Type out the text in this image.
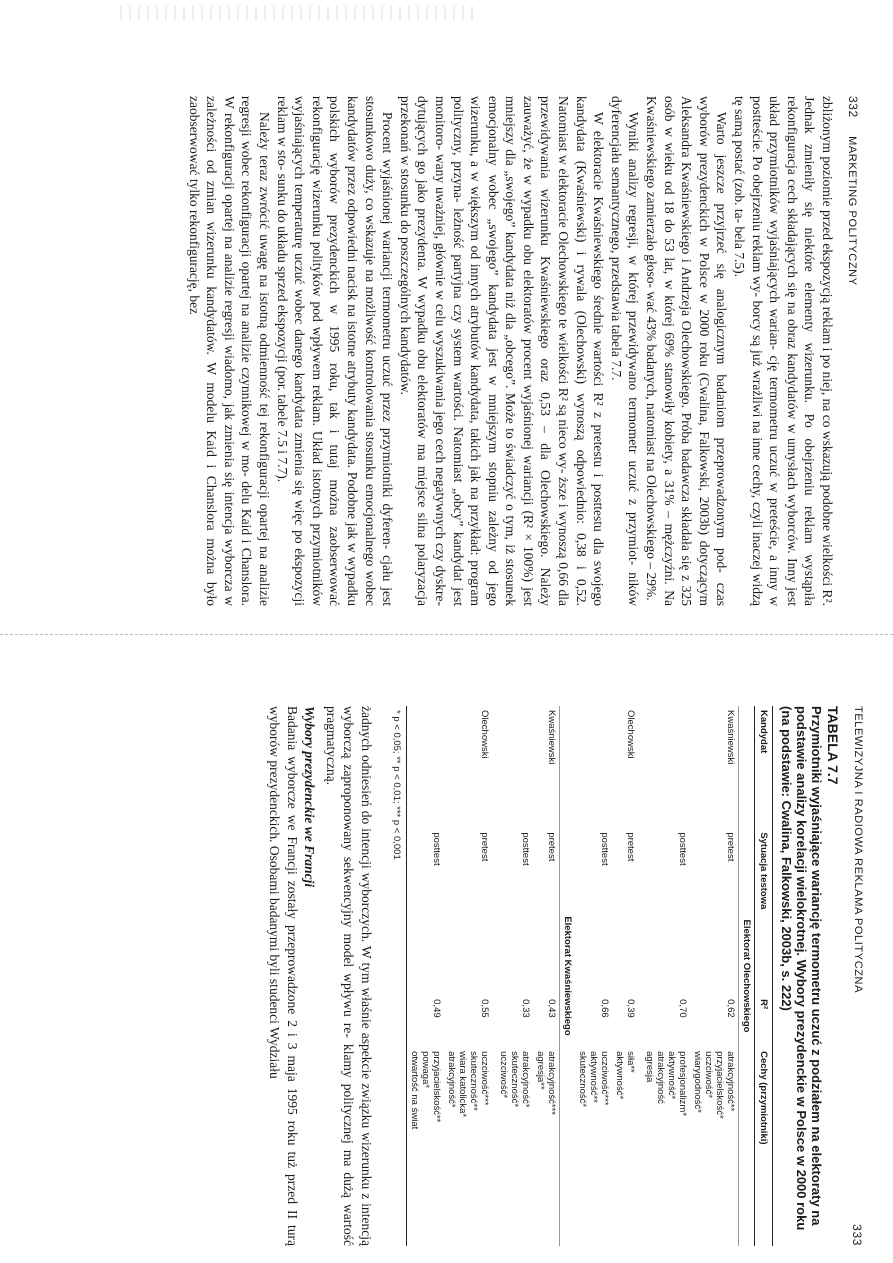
332     MARKETING POLITYCZNY

zbliżonym poziomie przed ekspozycją reklam i po niej, na co wskazują podobne wielkości R². Jednak zmieniły się niektóre elementy wizerunku. Po obejrzeniu reklam wystąpiła rekonfiguracja cech składających się na obraz kandydatów w umysłach wyborców. Inny jest układ przymiotników wyjaśniających warian- cję termometru uczuć w preteście, a inny w postteście. Po obejrzeniu reklam wy- borcy są już wrażliwi na inne cechy, czyli inaczej widzą tę samą postać (zob. ta- bela 7.5).

Warto jeszcze przyjrzeć się analogicznym badaniom przeprowadzonym pod- czas wyborów prezydenckich w Polsce w 2000 roku (Cwalina, Falkowski, 2003b) dotyczącym Aleksandra Kwaśniewskiego i Andrzeja Olechowskiego. Próba badawcza składała się z 325 osób w wieku od 18 do 53 lat, w której 69% stanowiły kobiety, a 31% – mężczyźni. Na Kwaśniewskiego zamierzało głoso- wać 43% badanych, natomiast na Olechowskiego – 29%.

Wyniki analizy regresji, w której przewidywano termometr uczuć z przymiot- ników dyferencjału semantycznego, przedstawia tabela 7.7.

W elektoracie Kwaśniewskiego średnie wartości R² z pretestu i posttestu dla swojego kandydata (Kwaśniewski) i rywala (Olechowski) wynoszą odpowiednio: 0,38 i 0,52. Natomiast w elektoracie Olechowskiego te wielkości R² są nieco wy- ższe i wynoszą 0,66 dla przewidywania wizerunku Kwaśniewskiego oraz 0,53 – dla Olechowskiego. Należy zauważyć, że w wypadku obu elektoratów procent wyjaśnionej wariancji (R² × 100%) jest mniejszy dla „swojego” kandydata niż dla „obcego”. Może to świadczyć o tym, iż stosunek emocjonalny wobec „swojego” kandydata jest w mniejszym stopniu zależny od jego wizerunku, a w większym od innych atrybutów kandydata, takich jak na przykład: program polityczny, przyna- leżność partyjna czy system wartości. Natomiast „obcy” kandydat jest monitoro- wany uważniej, głównie w celu wyszukiwania jego cech negatywnych czy dyskre- dytujących go jako prezydenta. W wypadku obu elektoratów ma miejsce silna polaryzacja przekonań w stosunku do poszczególnych kandydatów.

Procent wyjaśnionej wariancji termometru uczuć przez przymiotniki dyferen- cjału jest stosunkowo duży, co wskazuje na możliwość kontrolowania stosunku emocjonalnego wobec kandydatów przez odpowiedni nacisk na istotne atrybuty kandydata. Podobne jak w wypadku polskich wyborów prezydenckich w 1995 roku, tak i tutaj można zaobserwować rekonfigurację wizerunku polityków pod wpływem reklam. Układ istotnych przymiotników wyjaśniających temperaturę uczuć wobec danego kandydata zmienia się więc po ekspozycji reklam w sto- sunku do układu sprzed ekspozycji (por. tabele 7.5 i 7.7).

Należy teraz zwrócić uwagę na istotną odmienność tej rekonfiguracji opartej na analizie regresji wobec rekonfiguracji opartej na analizie czynnikowej w mo- delu Kaid i Chanslora. W rekonfiguracji opartej na analizie regresji wiadomo, jak zmienia się intencja wyborcza w zależności od zmian wizerunku kandydatów. W modelu Kaid i Chanslora można było zaobserwować tylko rekonfigurację, bez

TELEWIZYJNA I RADIOWA REKLAMA POLITYCZNA
333
TABELA 7.7
Przymiotniki wyjaśniające wariancję termometru uczuć z podziałem na elektoraty na podstawie analizy korelacji wielokrotnej. Wybory prezydenckie w Polsce w 2000 roku (na podstawie: Cwalina, Falkowski, 2003b, s. 222)
Kandydat	Sytuacja testowa	R²	Cechy (przymiotniki)
Elektorat Olechowskiego			
Kwaśniewski	pretest	0,62	atrakcyjność**
przyjacielskość*
uczciwość*
wiarygodność*

	posttest	0,70	profesjonalizm*
aktywność*
atrakcyjność
agresja

Olechowski	pretest	0,39	siła**
aktywność*

	posttest	0,66	uczciwość***
aktywność**
skuteczność*

Elektorat Kwaśniewskiego			
Kwaśniewski	pretest	0,43	atrakcyjność***
agresja**

	posttest	0,33	atrakcyjność*
skuteczność*
uczciwość*

Olechowski	pretest	0,55	uczciwość***
skuteczność**
wiara katolicka*
atrakcyjność*

	posttest	0,49	przyjacielskość**
powaga*
otwartość na świat
* p < 0,05; ** p < 0,01; *** p < 0,001

żadnych odniesień do intencji wyborczych. W tym właśnie aspekcie związku wizerunku z intencją wyborczą zaproponowany sekwencyjny model wpływu re- klamy politycznej ma dużą wartość pragmatyczną.

Wybory prezydenckie we Francji

Badania wyborcze we Francji zostały przeprowadzone 2 i 3 maja 1995 roku tuż przed II turą wyborów prezydenckich. Osobami badanymi byli studenci Wydziału
